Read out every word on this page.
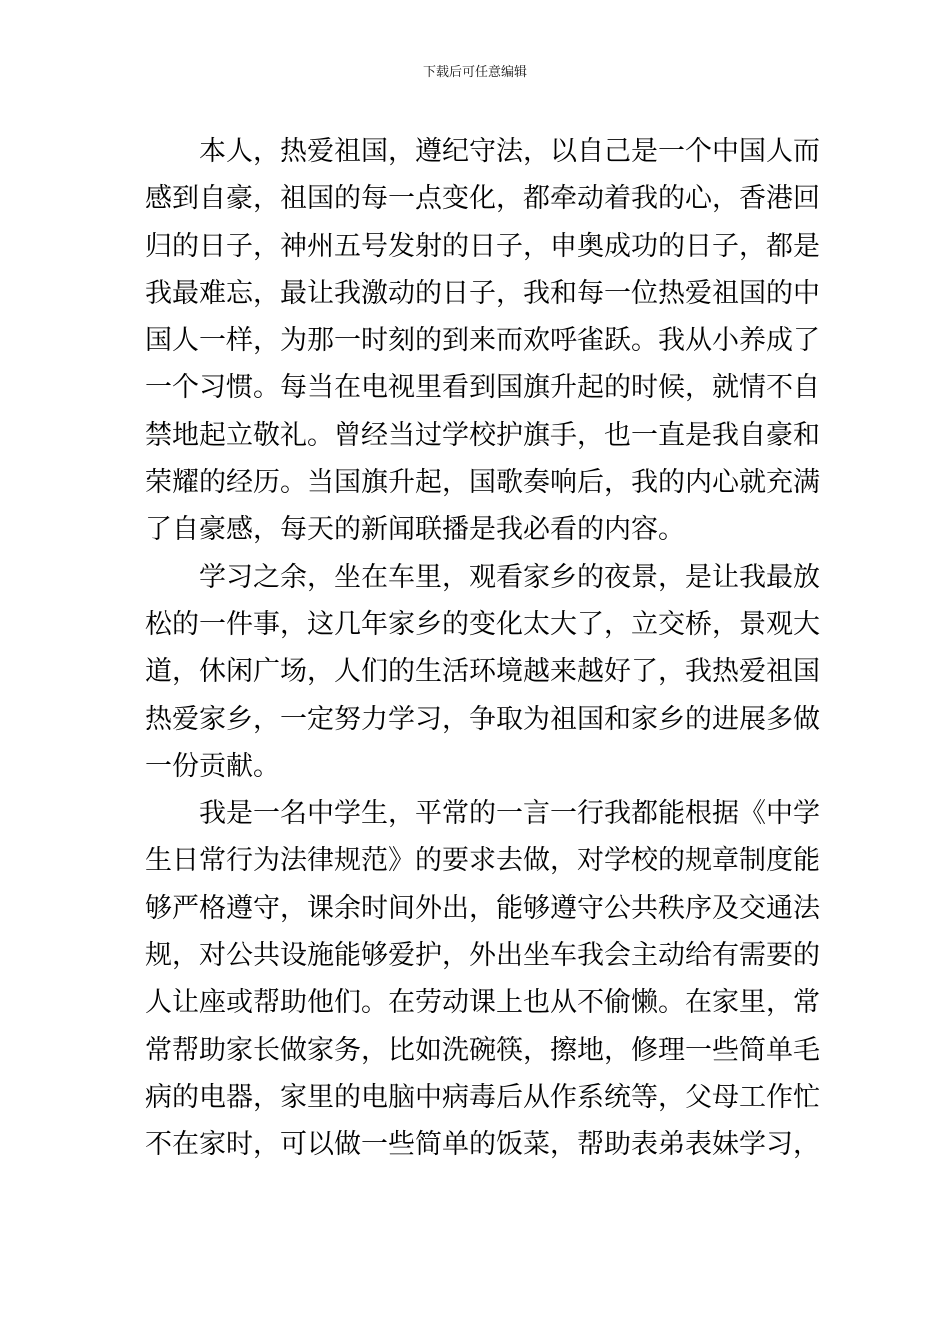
下载后可任意编辑
本人，热爱祖国，遵纪守法，以自己是一个中国人而
感到自豪，祖国的每一点变化，都牵动着我的心，香港回
归的日子，神州五号发射的日子，申奥成功的日子，都是
我最难忘，最让我激动的日子，我和每一位热爱祖国的中
国人一样，为那一时刻的到来而欢呼雀跃。我从小养成了
一个习惯。每当在电视里看到国旗升起的时候，就情不自
禁地起立敬礼。曾经当过学校护旗手，也一直是我自豪和
荣耀的经历。当国旗升起，国歌奏响后，我的内心就充满
了自豪感，每天的新闻联播是我必看的内容。
学习之余，坐在车里，观看家乡的夜景，是让我最放
松的一件事，这几年家乡的变化太大了，立交桥，景观大
道，休闲广场，人们的生活环境越来越好了，我热爱祖国
热爱家乡，一定努力学习，争取为祖国和家乡的进展多做
一份贡献。
我是一名中学生，平常的一言一行我都能根据《中学
生日常行为法律规范》的要求去做，对学校的规章制度能
够严格遵守，课余时间外出，能够遵守公共秩序及交通法
规，对公共设施能够爱护，外出坐车我会主动给有需要的
人让座或帮助他们。在劳动课上也从不偷懒。在家里，常
常帮助家长做家务，比如洗碗筷，擦地，修理一些简单毛
病的电器，家里的电脑中病毒后从作系统等，父母工作忙
不在家时，可以做一些简单的饭菜，帮助表弟表妹学习，
